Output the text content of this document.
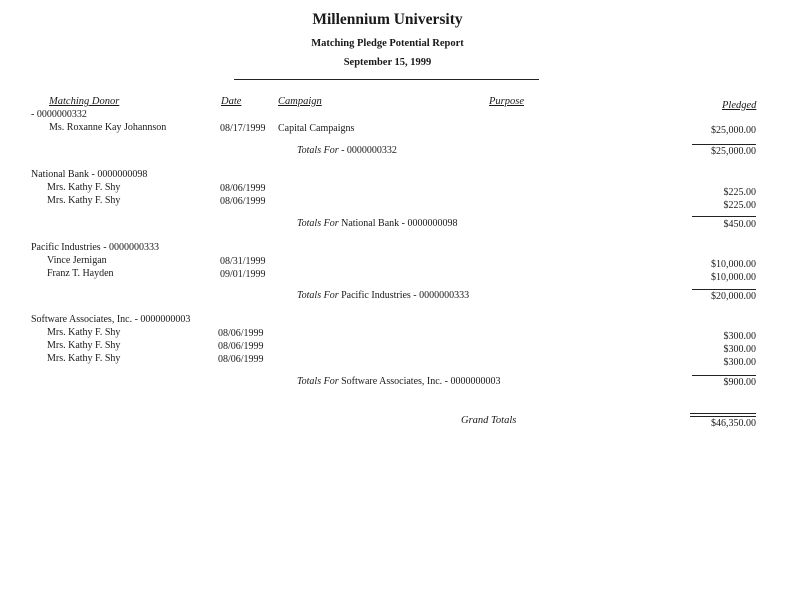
Millennium University
Matching Pledge Potential Report
September 15, 1999
Matching Donor	Date	Campaign	Purpose	Pledged
- 0000000332
Ms. Roxanne Kay Johannson	08/17/1999 Capital Campaigns	$25,000.00
Totals For - 0000000332	$25,000.00
National Bank - 0000000098
Mrs. Kathy F. Shy	08/06/1999	$225.00
Mrs. Kathy F. Shy	08/06/1999	$225.00
Totals For National Bank - 0000000098	$450.00
Pacific Industries - 0000000333
Vince Jernigan	08/31/1999	$10,000.00
Franz T. Hayden	09/01/1999	$10,000.00
Totals For Pacific Industries - 0000000333	$20,000.00
Software Associates, Inc. - 0000000003
Mrs. Kathy F. Shy	08/06/1999	$300.00
Mrs. Kathy F. Shy	08/06/1999	$300.00
Mrs. Kathy F. Shy	08/06/1999	$300.00
Totals For Software Associates, Inc. - 0000000003	$900.00
Grand Totals	$46,350.00
